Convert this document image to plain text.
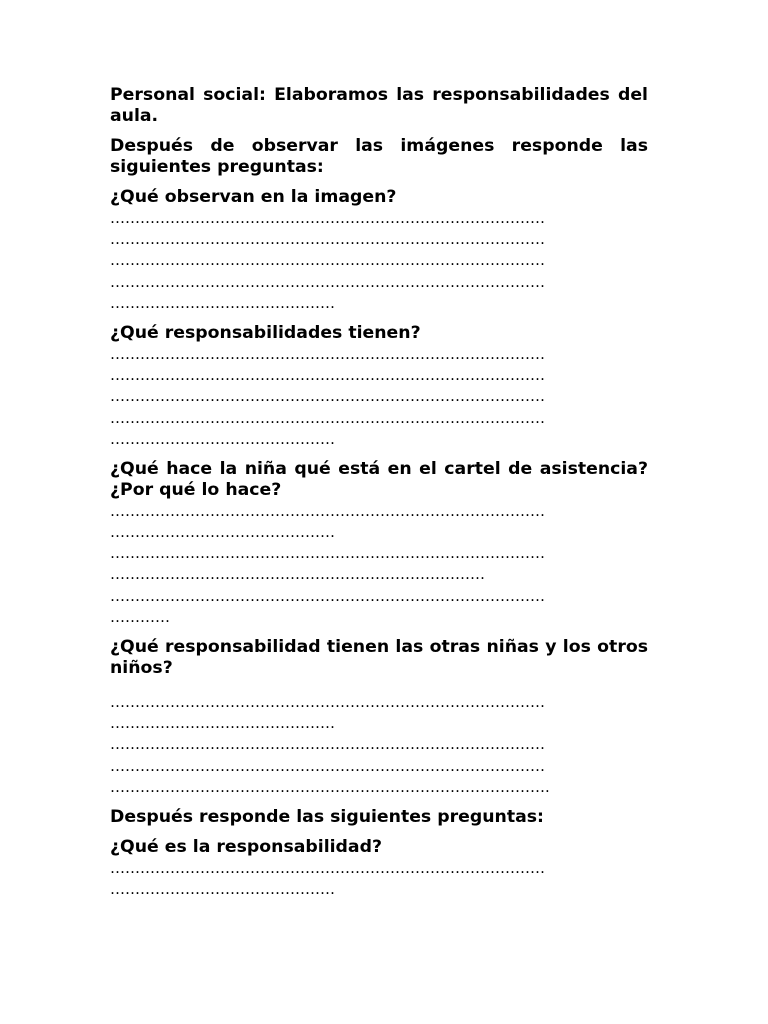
Personal social: Elaboramos las responsabilidades del aula.

Después de observar las imágenes responde las siguientes preguntas:

¿Qué observan en la imagen?

……………………………………………………………………………
……………………………………………………………………………
……………………………………………………………………………
……………………………………………………………………………
………………………………………

¿Qué responsabilidades tienen?

……………………………………………………………………………
……………………………………………………………………………
……………………………………………………………………………
……………………………………………………………………………
………………………………………

¿Qué hace la niña qué está en el cartel de asistencia? ¿Por qué lo hace?

……………………………………………………………………………
………………………………………
……………………………………………………………………………
…………………………………………………………………
……………………………………………………………………………
…………

¿Qué responsabilidad tienen las otras niñas y los otros niños?

……………………………………………………………………………
………………………………………
……………………………………………………………………………
……………………………………………………………………………
…………………………………………………………………………….

Después responde las siguientes preguntas:

¿Qué es la responsabilidad?

……………………………………………………………………………
………………………………………
